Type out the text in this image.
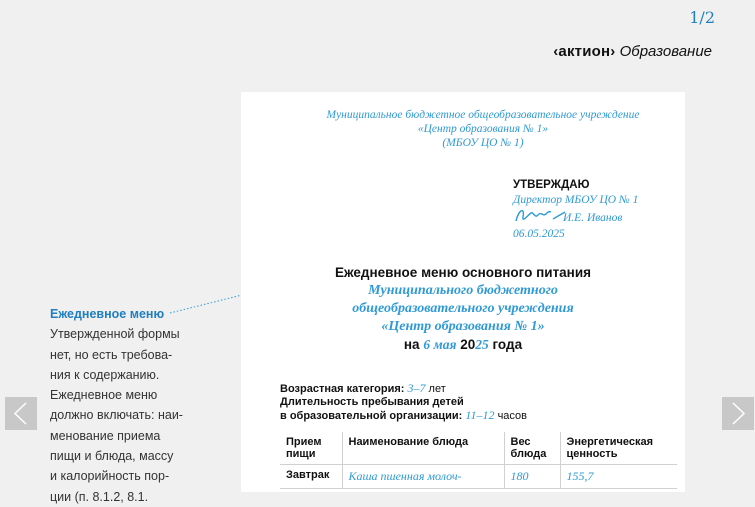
1/2
‹актион› Образование
Муниципальное бюджетное общеобразовательное учреждение
«Центр образования № 1»
(МБОУ ЦО № 1)
УТВЕРЖДАЮ
Директор МБОУ ЦО № 1
И.Е. Иванов
06.05.2025
Ежедневное меню основного питания
Муниципального бюджетного
общеобразовательного учреждения
«Центр образования № 1»
на 6 мая 2025 года
Возрастная категория: 3–7 лет
Длительность пребывания детей
в образовательной организации: 11–12 часов
Прием пищи	Наименование блюда	Вес блюда	Энергетическая ценность
Завтрак	Каша пшенная молоч-	180	155,7
Ежедневное меню
Утвержденной формы
нет, но есть требова-
ния к содержанию.
Ежедневное меню
должно включать: наи-
менование приема
пищи и блюда, массу
и калорийность пор-
ции (п. 8.1.2, 8.1.
